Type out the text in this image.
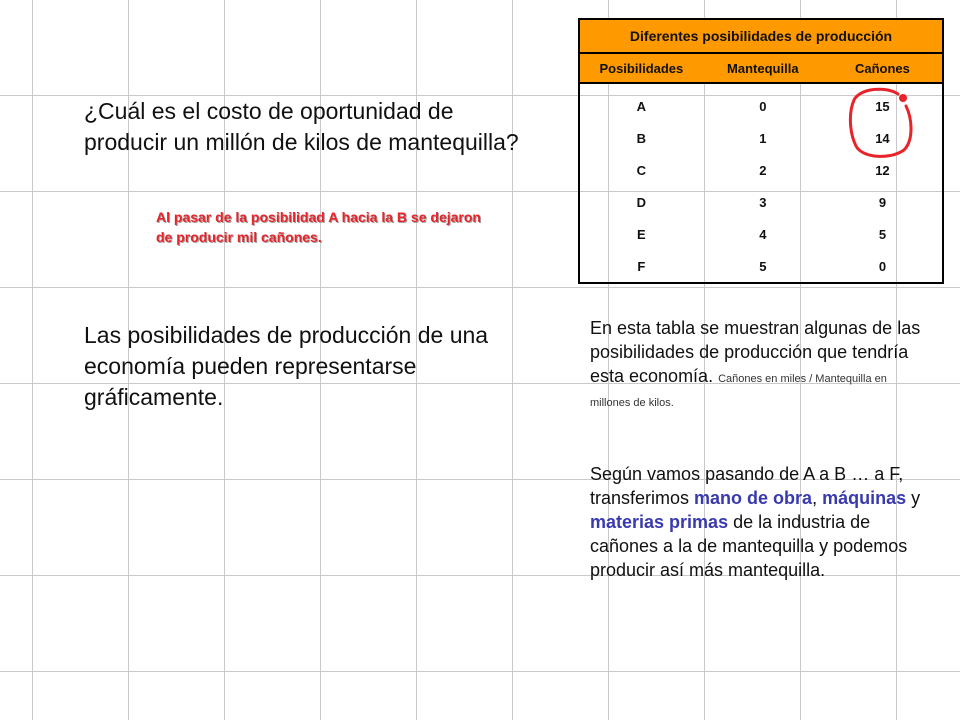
¿Cuál es el costo de oportunidad de producir un millón de kilos de mantequilla?

Al pasar de la posibilidad A hacia la B se dejaron de producir mil cañones.
Las posibilidades de producción de una economía pueden representarse gráficamente.
Diferentes posibilidades de producción		
Posibilidades	Mantequilla	Cañones
A	0	15
B	1	14
C	2	12
D	3	9
E	4	5
F	5	0
En esta tabla se muestran algunas de las posibilidades de producción que tendría esta economía. Cañones en miles / Mantequilla en millones de kilos.
Según vamos pasando de A a B … a F, transferimos mano de obra, máquinas y materias primas de la industria de cañones a la de mantequilla y podemos producir así más mantequilla.
